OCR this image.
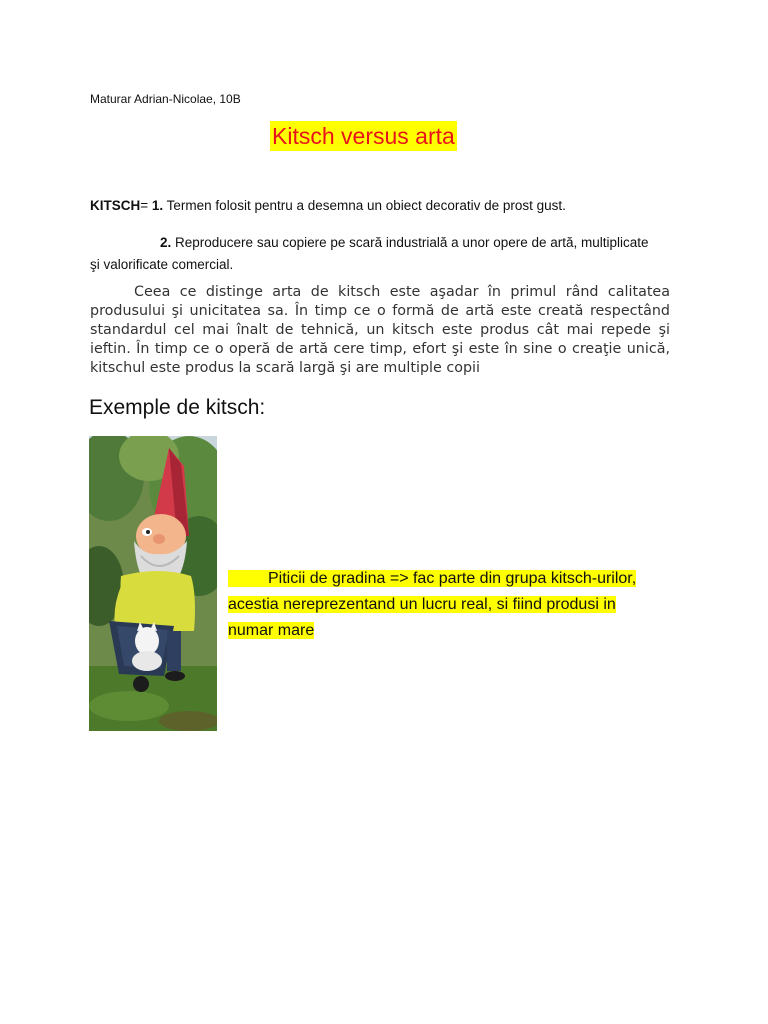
Maturar Adrian-Nicolae, 10B
Kitsch versus arta
KITSCH= 1. Termen folosit pentru a desemna un obiect decorativ de prost gust.
2. Reproducere sau copiere pe scară industrială a unor opere de artă, multiplicate şi valorificate comercial.
Ceea ce distinge arta de kitsch este aşadar în primul rând calitatea produsului şi unicitatea sa. În timp ce o formă de artă este creată respectând standardul cel mai înalt de tehnică, un kitsch este produs cât mai repede şi ieftin. În timp ce o operă de artă cere timp, efort şi este în sine o creaţie unică, kitschul este produs la scară largă şi are multiple copii
Exemple de kitsch:
Piticii de gradina => fac parte din grupa kitsch-urilor, acestia nereprezentand un lucru real, si fiind produsi in numar mare
